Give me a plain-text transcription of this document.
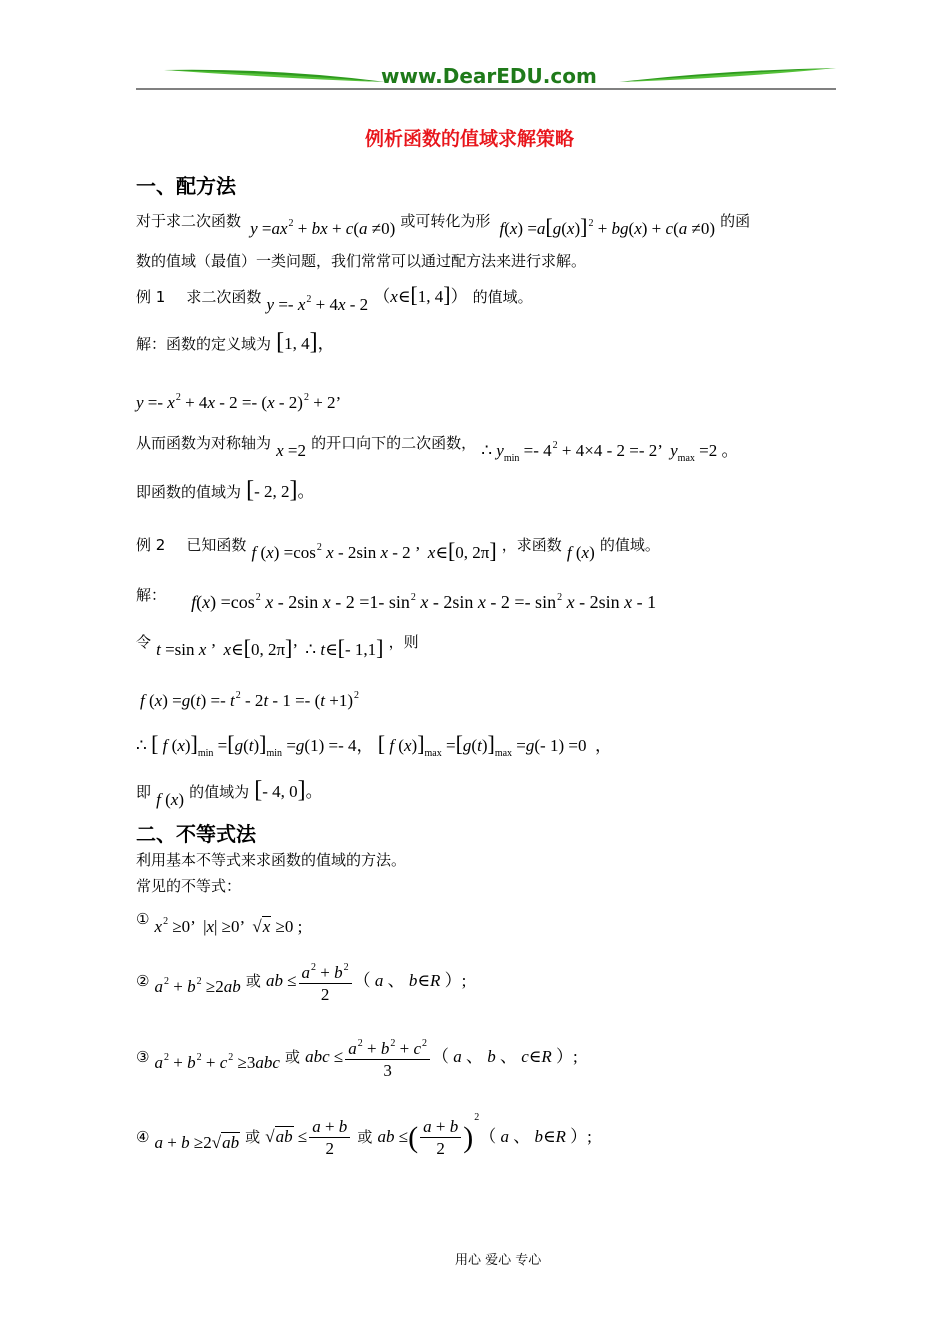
www.DearEDU.com
例析函数的值域求解策略
一、配方法
对于求二次函数 $y =ax^2$ + bx + c(a ≠0) 或可转化为形 $f(x) =a[g(x)]^2 + bg(x) + c(a \ne 0)$ 的函
数的值域（最值）一类问题，我们常常可以通过配方法来进行求解。
例 1 求二次函数 $y =- x^2 + 4x - 2$ （x∈[1, 4]） 的值域。
解：函数的定义域为 [1, 4]，
$y =- x^2 + 4x - 2 =- (x - 2)^2 + 2$’
从而函数为对称轴为 x =2 的开口向下的二次函数， ∴ $y_{min} =- 4^2 + 4\times 4 - 2 =- 2$’  $y_{max} =2$ 。
即函数的值域为 [- 2, 2]。
例 2 已知函数 f $(x) =\cos^2$ x - 2sin x - 2 ’  x∈[0, 2π] ，求函数 f (x) 的值域。
解： $f(x) =\cos^2$ x - 2sin x - 2 =1- $\sin^2 x - 2\sin$ $x - 2 =- \sin^2 x - 2\sin$ x - 1
令 t =sin x ’  x∈[0, 2π]’  ∴ t∈[- 1,1] ，则
f $(x) =g(t) =- t^2 - 2t - 1 =- (t +1)^2$
∴ [ f $(x)]_{min} =[g(t)]_{min} =g(1) =- 4$， [ f $(x)]_{max} =[g(t)]_{max} =g(-$ 1) =0  ，
即 f (x) 的值域为 [- 4, 0]。
二、不等式法
利用基本不等式来求函数的值域的方法。
常见的不等式：
① $x^2 \ge 0$’  |x| ≥0’  √x ≥0 ;
② $a^2 + b^2 \ge 2ab$ 或 ab ≤ $\frac{a^2 + b^2}{2}$ （ a 、 b∈R ）;
③ $a^2 + b^2 + c^2 \ge 3abc$ 或 abc ≤ $\frac{a^2 + b^2 + c^2}{3}$ （ a 、 b 、 c∈R ）;
④ a + b ≥2√ab 或 $√ab \le \frac{a + b}{2}$ 或 ab ≤( $\frac{a + b}{2} )^2$（ a 、 b∈R ）;
用心 爱心 专心
